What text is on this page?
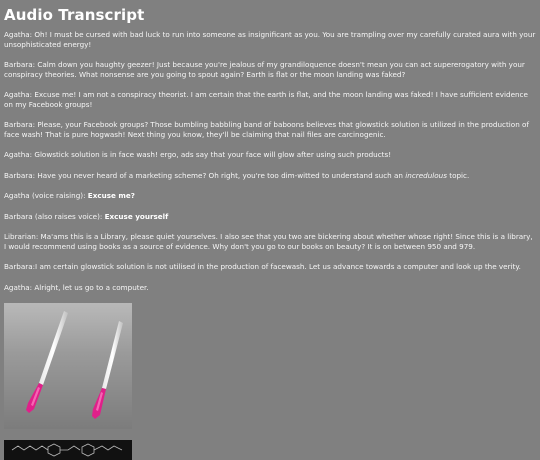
Audio Transcript

Agatha: Oh! I must be cursed with bad luck to run into someone as insignificant as you. You are trampling over my carefully curated aura with your unsophisticated energy!

Barbara: Calm down you haughty geezer! Just because you're jealous of my grandiloquence doesn't mean you can act supererogatory with your conspiracy theories. What nonsense are you going to spout again? Earth is flat or the moon landing was faked?

Agatha: Excuse me! I am not a conspiracy theorist. I am certain that the earth is flat, and the moon landing was faked! I have sufficient evidence on my Facebook groups!

Barbara: Please, your Facebook groups? Those bumbling babbling band of baboons believes that glowstick solution is utilized in the production of face wash! That is pure hogwash! Next thing you know, they'll be claiming that nail files are carcinogenic.

Agatha: Glowstick solution is in face wash! ergo, ads say that your face will glow after using such products!

Barbara: Have you never heard of a marketing scheme? Oh right, you're too dim-witted to understand such an incredulous topic.

Agatha (voice raising): Excuse me?

Barbara (also raises voice): Excuse yourself

Librarian: Ma'ams this is a Library, please quiet yourselves. I also see that you two are bickering about whether whose right! Since this is a library, I would recommend using books as a source of evidence. Why don't you go to our books on beauty? It is on between 950 and 979.

Barbara:I am certain glowstick solution is not utilised in the production of facewash. Let us advance towards a computer and look up the verity.

Agatha: Alright, let us go to a computer.
